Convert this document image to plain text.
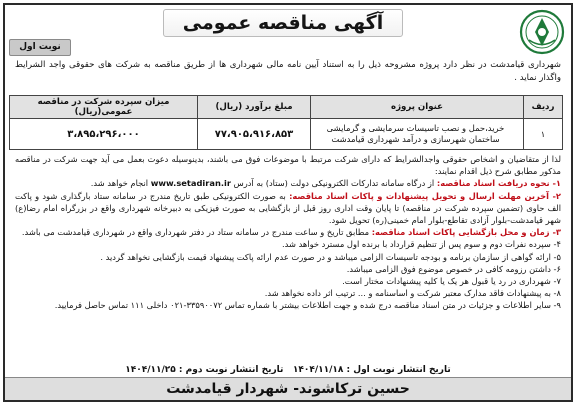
آگهی مناقصه عمومی
نوبت اول
شهرداری قیامدشت در نظر دارد پروژه مشروحه ذیل را به استناد آیین نامه مالی شهرداری ها از طریق مناقصه به شرکت های حقوقی واجد الشرایط واگذار نماید .
ردیف	عنوان پروژه	مبلغ برآورد (ریال)	میزان سپرده شرکت در مناقصه عمومی(ریال)
۱	خرید،حمل و نصب تاسیسات سرمایشی و گرمایشی ساختمان شهرسازی و درآمد شهرداری قیامدشت	۷۷،۹۰۵،۹۱۶،۸۵۳	۳،۸۹۵،۲۹۶،۰۰۰

لذا از متقاضیان و اشخاص حقوقی واجدالشرایط که دارای شرکت مرتبط با موضوعات فوق می باشند، بدینوسیله دعوت بعمل می آید جهت شرکت در مناقصه مذکور مطابق شرح ذیل اقدام نمایند:

۱- نحوه دریافت اسناد مناقصه: از درگاه سامانه تدارکات الکترونیکی دولت (ستاد) به آدرس www.setadiran.ir انجام خواهد شد.

۲- آخرین مهلت ارسال و تحویل پیشنهادات و پاکات اسناد مناقصه: به صورت الکترونیکی طبق تاریخ مندرج در سامانه ستاد بارگذاری شود و پاکت الف حاوی (تضمین سپرده شرکت در مناقصه) تا پایان وقت اداری روز قبل از بازگشایی به صورت فیزیکی به دبیرخانه شهرداری واقع در بزرگراه امام رضا(ع) شهر قیامدشت-بلوار آزادی تقاطع-بلوار امام خمینی(ره) تحویل شود.

۳- زمان و محل بازگشایی پاکات اسناد مناقصه: مطابق تاریخ و ساعت مندرج در سامانه ستاد در دفتر شهرداری واقع در شهرداری قیامدشت می باشد.

۴- سپرده نفرات دوم و سوم پس از تنظیم قرارداد با برنده اول مسترد خواهد شد.

۵- ارائه گواهی از سازمان برنامه و بودجه تاسیسات الزامی میباشد و در صورت عدم ارائه پاکت پیشنهاد قیمت بازگشایی نخواهد گردید .

۶- داشتن رزومه کافی در خصوص موضوع فوق الزامی میباشد.

۷- شهرداری در رد یا قبول هر یک یا کلیه پیشنهادات مختار است.

۸- به پیشنهادات فاقد مدارک معتبر شرکت و اساسنامه و ... ترتیب اثر داده نخواهد شد.

۹- سایر اطلاعات و جزئیات در متن اسناد مناقصه درج شده و جهت اطلاعات بیشتر با شماره تماس ۳۳۵۹۰۰۷۲-۰۲۱ داخلی ۱۱۱ تماس حاصل فرمایید.

تاریخ انتشار نوبت اول : ۱۴۰۴/۱۱/۱۸   تاریخ انتشار نوبت دوم : ۱۴۰۴/۱۱/۲۵
حسین ترکاشوند- شهردار قیامدشت
